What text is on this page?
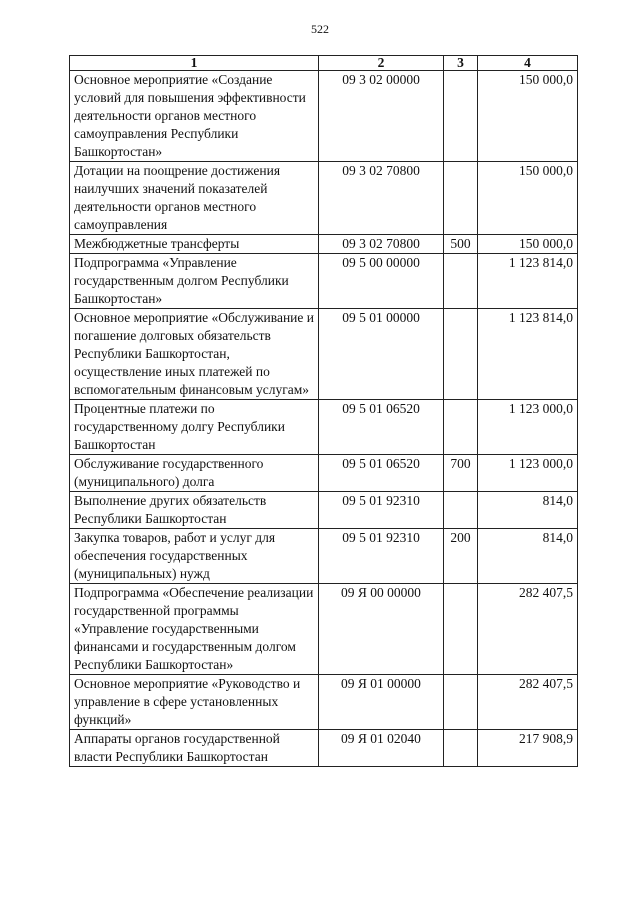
522
1	2	3	4
Основное мероприятие «Создание условий для повышения эффективности деятельности органов местного самоуправления Республики Башкортостан»	09 3 02 00000		150 000,0
Дотации на поощрение достижения наилучших значений показателей деятельности органов местного самоуправления	09 3 02 70800		150 000,0
Межбюджетные трансферты	09 3 02 70800	500	150 000,0
Подпрограмма «Управление государственным долгом Республики Башкортостан»	09 5 00 00000		1 123 814,0
Основное мероприятие «Обслуживание и погашение долговых обязательств Республики Башкортостан, осуществление иных платежей по вспомогательным финансовым услугам»	09 5 01 00000		1 123 814,0
Процентные платежи по государственному долгу Республики Башкортостан	09 5 01 06520		1 123 000,0
Обслуживание государственного (муниципального) долга	09 5 01 06520	700	1 123 000,0
Выполнение других обязательств Республики Башкортостан	09 5 01 92310		814,0
Закупка товаров, работ и услуг для обеспечения государственных (муниципальных) нужд	09 5 01 92310	200	814,0
Подпрограмма «Обеспечение реализации государственной программы «Управление государственными финансами и государственным долгом Республики Башкортостан»	09 Я 00 00000		282 407,5
Основное мероприятие «Руководство и управление в сфере установленных функций»	09 Я 01 00000		282 407,5
Аппараты органов государственной власти Республики Башкортостан	09 Я 01 02040		217 908,9
